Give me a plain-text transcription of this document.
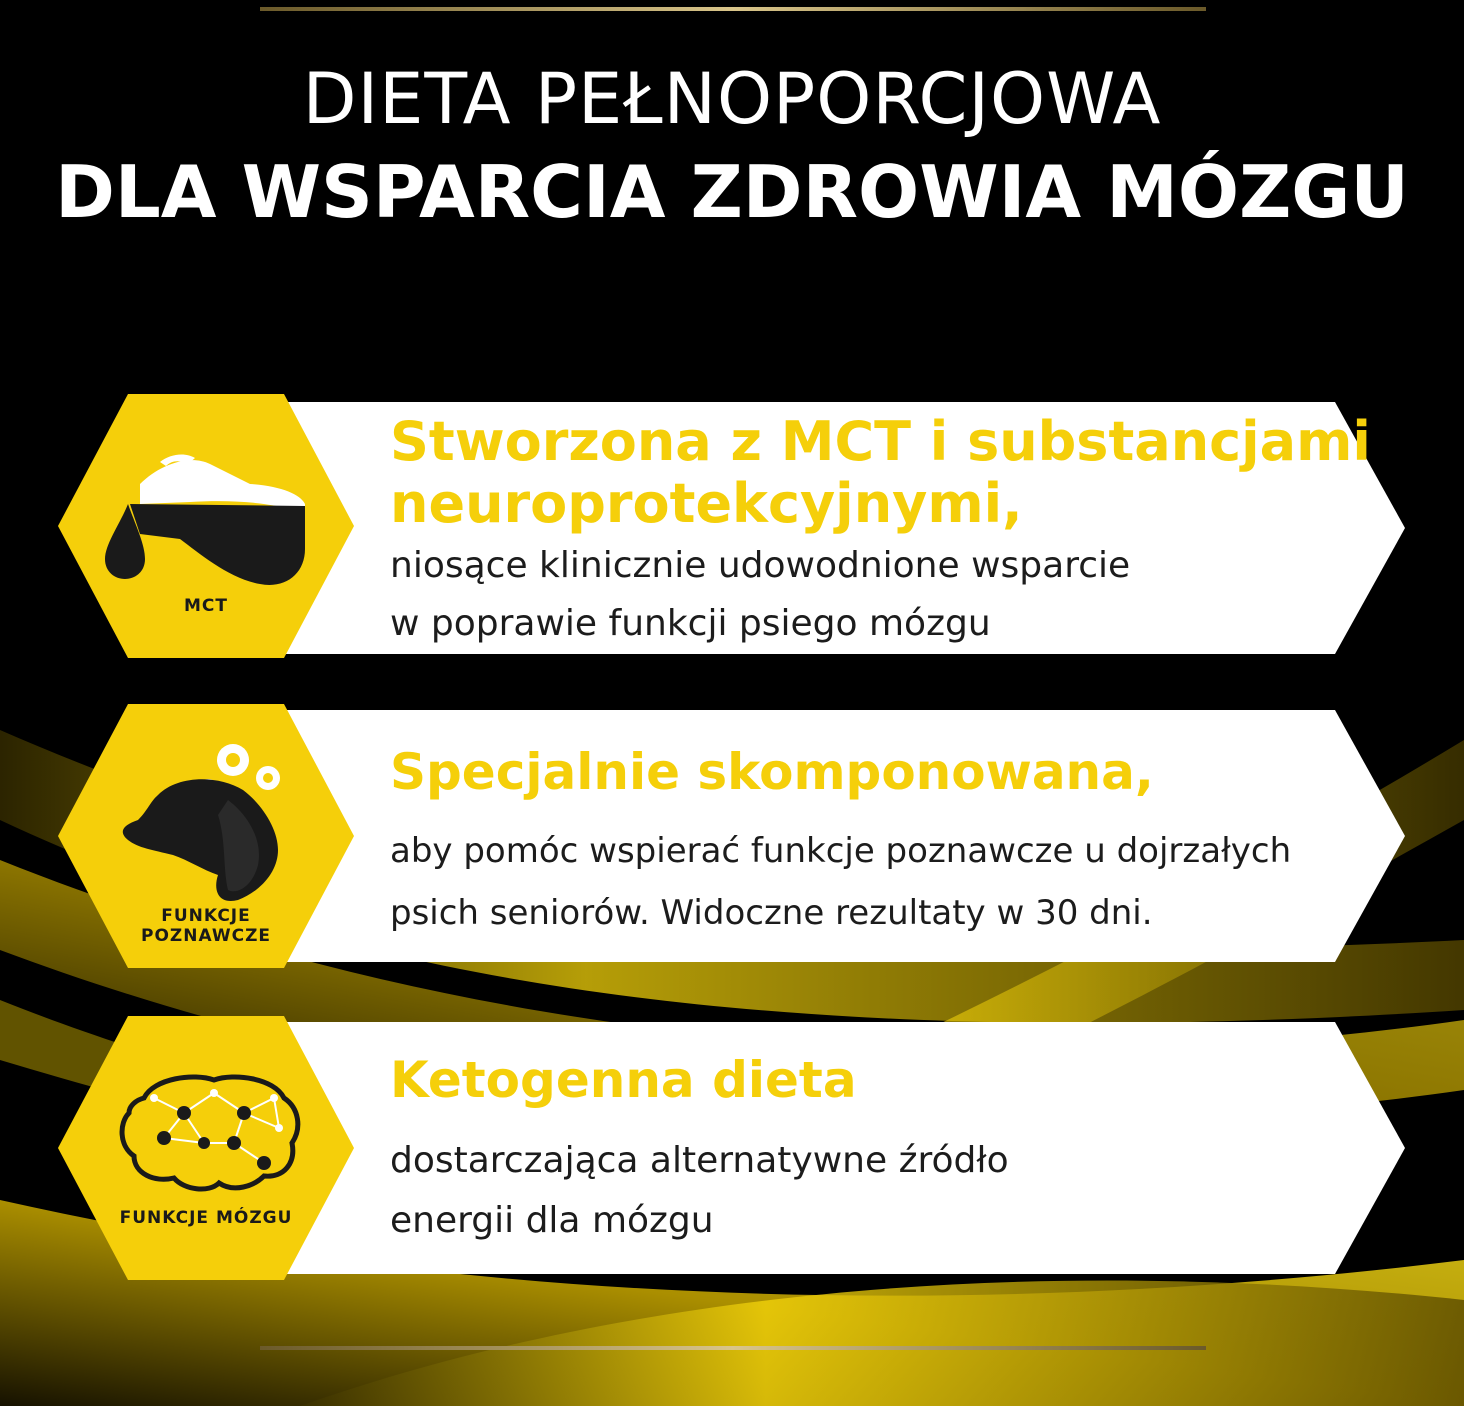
DIETA PEŁNOPORCJOWA
DLA WSPARCIA ZDROWIA MÓZGU
MCT

Stworzona z MCT i substancjami

neuroprotekcyjnymi,

niosące klinicznie udowodnione wsparcie
w poprawie funkcji psiego mózgu
FUNKCJE
POZNAWCZE

Specjalnie skomponowana,

aby pomóc wspierać funkcje poznawcze u dojrzałych
psich seniorów. Widoczne rezultaty w 30 dni.
FUNKCJE MÓZGU

Ketogenna dieta

dostarczająca alternatywne źródło
energii dla mózgu
